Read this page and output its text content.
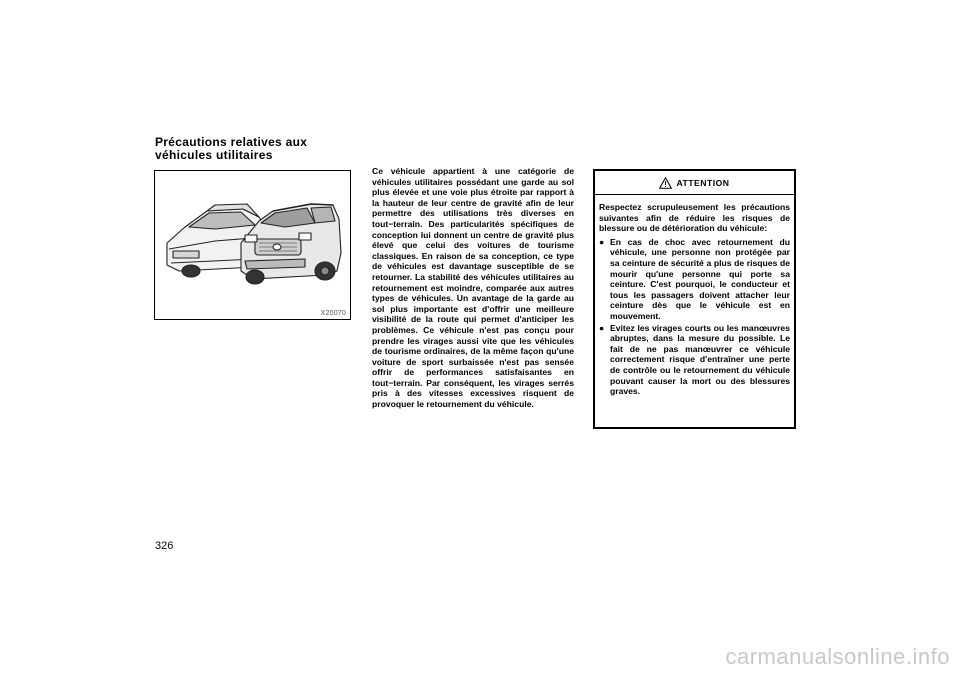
Précautions relatives aux
véhicules utilitaires
X20070

Ce véhicule appartient à une catégorie de véhicules utilitaires possédant une garde au sol plus élevée et une voie plus étroite par rapport à la hauteur de leur centre de gravité afin de leur permettre des utilisations très diverses en tout−terrain. Des particularités spécifiques de conception lui donnent un centre de gravité plus élevé que celui des voitures de tourisme classiques. En raison de sa conception, ce type de véhicules est davantage susceptible de se retourner. La stabilité des véhicules utilitaires au retournement est moindre, comparée aux autres types de véhicules. Un avantage de la garde au sol plus importante est d'offrir une meilleure visibilité de la route qui permet d'anticiper les problèmes. Ce véhicule n'est pas conçu pour prendre les virages aussi vite que les véhicules de tourisme ordinaires, de la même façon qu'une voiture de sport surbaissée n'est pas sensée offrir de performances satisfaisantes en tout−terrain. Par conséquent, les virages serrés pris à des vitesses excessives risquent de provoquer le retournement du véhicule.

ATTENTION

Respectez scrupuleusement les précautions suivantes afin de réduire les risques de blessure ou de détérioration du véhicule:

● En cas de choc avec retournement du véhicule, une personne non protégée par sa ceinture de sécurité a plus de risques de mourir qu'une personne qui porte sa ceinture. C'est pourquoi, le conducteur et tous les passagers doivent attacher leur ceinture dès que le véhicule est en mouvement.
● Evitez les virages courts ou les manœuvres abruptes, dans la mesure du possible. Le fait de ne pas manœuvrer ce véhicule correctement risque d'entraîner une perte de contrôle ou le retournement du véhicule pouvant causer la mort ou des blessures graves.

326

carmanualsonline.info
